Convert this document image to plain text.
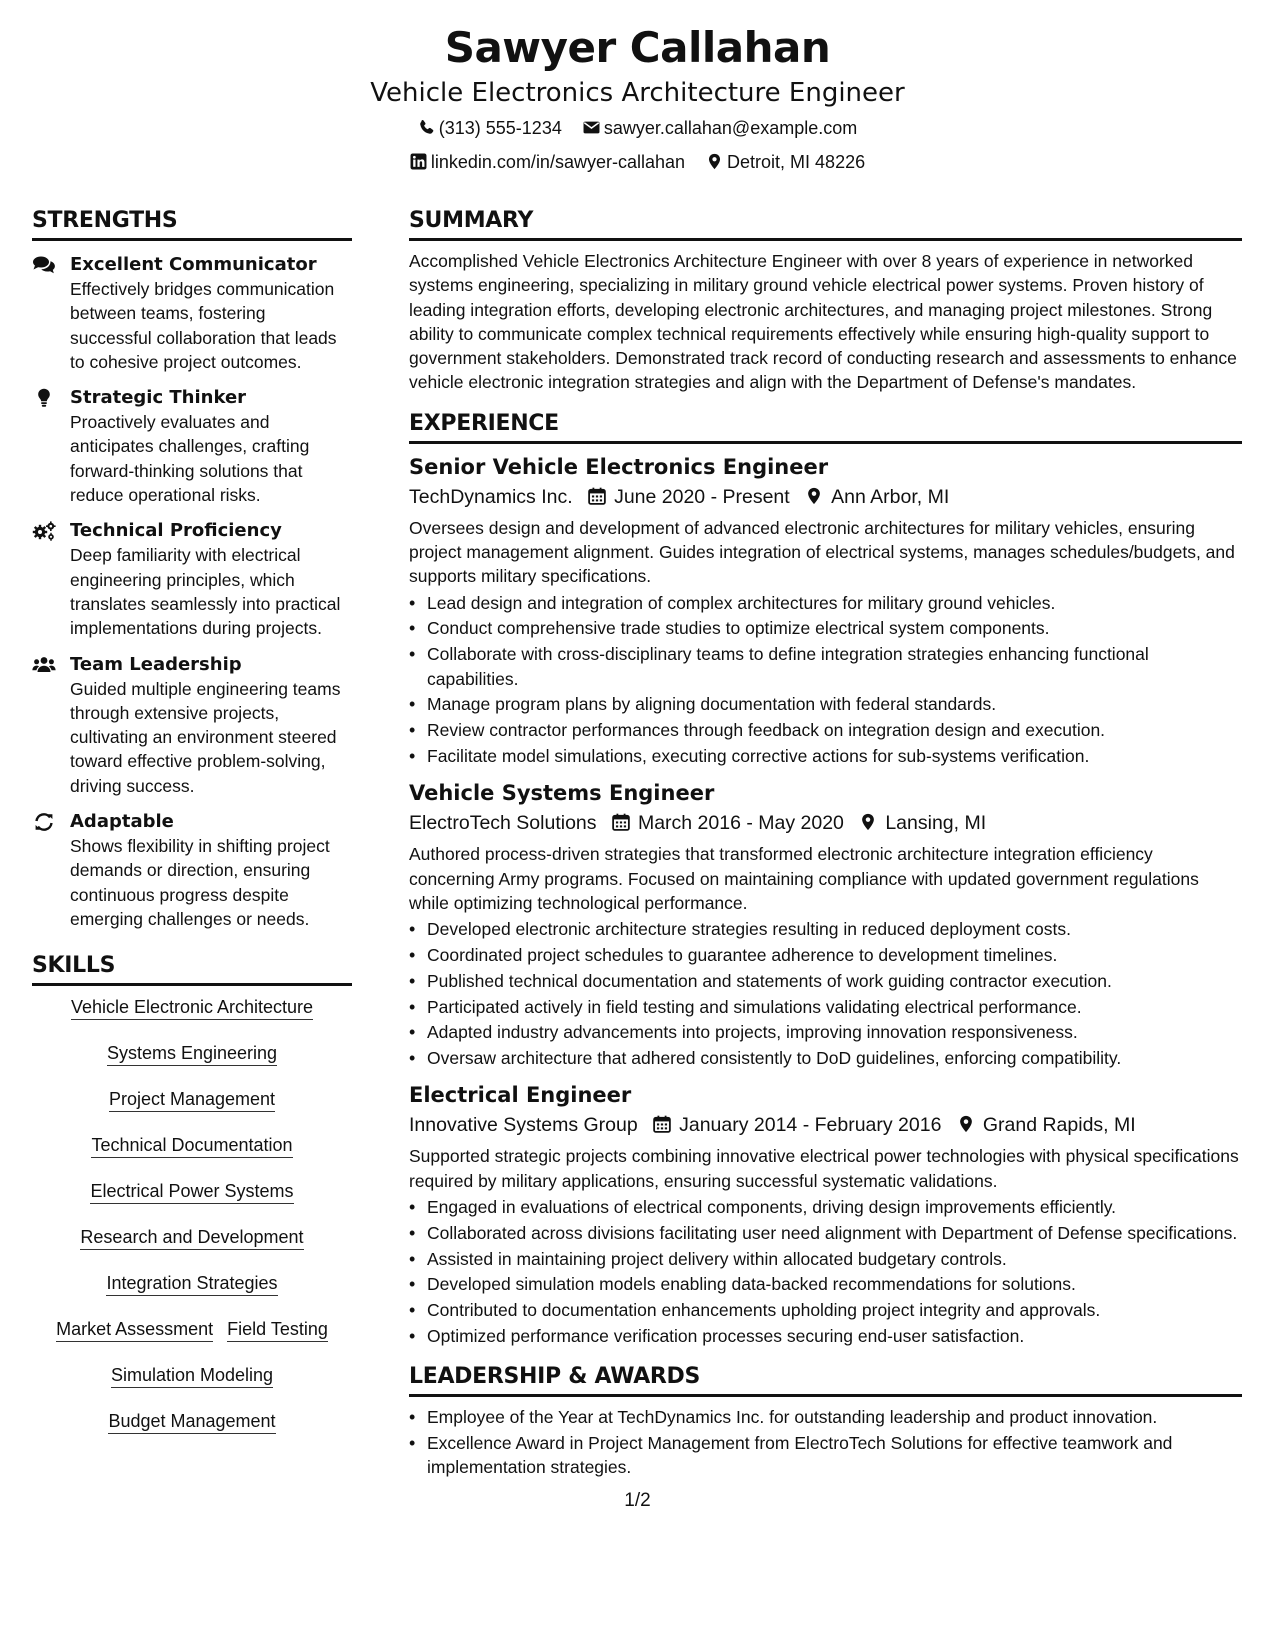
Sawyer Callahan
Vehicle Electronics Architecture Engineer
(313) 555-1234 sawyer.callahan@example.com
linkedin.com/in/sawyer-callahan Detroit, MI 48226
STRENGTHS
Excellent Communicator
Effectively bridges communication between teams, fostering successful collaboration that leads to cohesive project outcomes.
Strategic Thinker
Proactively evaluates and anticipates challenges, crafting forward-thinking solutions that reduce operational risks.
Technical Proficiency
Deep familiarity with electrical engineering principles, which translates seamlessly into practical implementations during projects.
Team Leadership
Guided multiple engineering teams through extensive projects, cultivating an environment steered toward effective problem-solving, driving success.
Adaptable
Shows flexibility in shifting project demands or direction, ensuring continuous progress despite emerging challenges or needs.
SKILLS
Vehicle Electronic Architecture
Systems Engineering
Project Management
Technical Documentation
Electrical Power Systems
Research and Development
Integration Strategies
Market Assessment Field Testing
Simulation Modeling
Budget Management
SUMMARY
Accomplished Vehicle Electronics Architecture Engineer with over 8 years of experience in networked systems engineering, specializing in military ground vehicle electrical power systems. Proven history of leading integration efforts, developing electronic architectures, and managing project milestones. Strong ability to communicate complex technical requirements effectively while ensuring high-quality support to government stakeholders. Demonstrated track record of conducting research and assessments to enhance vehicle electronic integration strategies and align with the Department of Defense's mandates.
EXPERIENCE
Senior Vehicle Electronics Engineer
TechDynamics Inc. June 2020 - Present Ann Arbor, MI
Oversees design and development of advanced electronic architectures for military vehicles, ensuring project management alignment. Guides integration of electrical systems, manages schedules/budgets, and supports military specifications.
• Lead design and integration of complex architectures for military ground vehicles.
• Conduct comprehensive trade studies to optimize electrical system components.
• Collaborate with cross-disciplinary teams to define integration strategies enhancing functional capabilities.
• Manage program plans by aligning documentation with federal standards.
• Review contractor performances through feedback on integration design and execution.
• Facilitate model simulations, executing corrective actions for sub-systems verification.
Vehicle Systems Engineer
ElectroTech Solutions March 2016 - May 2020 Lansing, MI
Authored process-driven strategies that transformed electronic architecture integration efficiency concerning Army programs. Focused on maintaining compliance with updated government regulations while optimizing technological performance.
• Developed electronic architecture strategies resulting in reduced deployment costs.
• Coordinated project schedules to guarantee adherence to development timelines.
• Published technical documentation and statements of work guiding contractor execution.
• Participated actively in field testing and simulations validating electrical performance.
• Adapted industry advancements into projects, improving innovation responsiveness.
• Oversaw architecture that adhered consistently to DoD guidelines, enforcing compatibility.
Electrical Engineer
Innovative Systems Group January 2014 - February 2016 Grand Rapids, MI
Supported strategic projects combining innovative electrical power technologies with physical specifications required by military applications, ensuring successful systematic validations.
• Engaged in evaluations of electrical components, driving design improvements efficiently.
• Collaborated across divisions facilitating user need alignment with Department of Defense specifications.
• Assisted in maintaining project delivery within allocated budgetary controls.
• Developed simulation models enabling data-backed recommendations for solutions.
• Contributed to documentation enhancements upholding project integrity and approvals.
• Optimized performance verification processes securing end-user satisfaction.
LEADERSHIP & AWARDS
• Employee of the Year at TechDynamics Inc. for outstanding leadership and product innovation.
• Excellence Award in Project Management from ElectroTech Solutions for effective teamwork and implementation strategies.
1/2
